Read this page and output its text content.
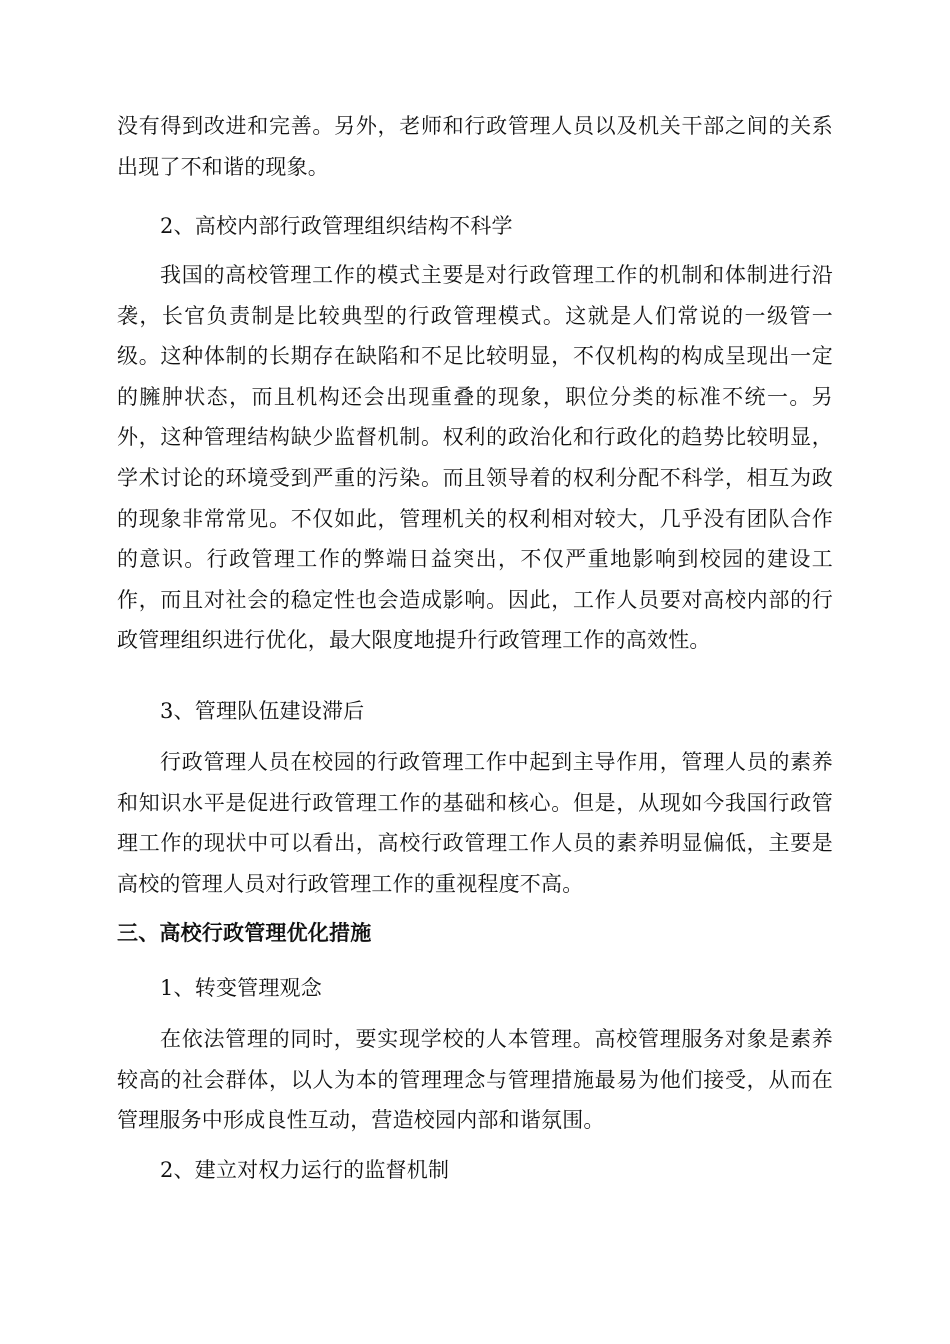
没有得到改进和完善。另外，老师和行政管理人员以及机关干部之间的关系出现了不和谐的现象。

2、高校内部行政管理组织结构不科学

我国的高校管理工作的模式主要是对行政管理工作的机制和体制进行沿袭，长官负责制是比较典型的行政管理模式。这就是人们常说的一级管一级。这种体制的长期存在缺陷和不足比较明显，不仅机构的构成呈现出一定的臃肿状态，而且机构还会出现重叠的现象，职位分类的标准不统一。另外，这种管理结构缺少监督机制。权利的政治化和行政化的趋势比较明显，学术讨论的环境受到严重的污染。而且领导着的权利分配不科学，相互为政的现象非常常见。不仅如此，管理机关的权利相对较大，几乎没有团队合作的意识。行政管理工作的弊端日益突出，不仅严重地影响到校园的建设工作，而且对社会的稳定性也会造成影响。因此，工作人员要对高校内部的行政管理组织进行优化，最大限度地提升行政管理工作的高效性。

3、管理队伍建设滞后

行政管理人员在校园的行政管理工作中起到主导作用，管理人员的素养和知识水平是促进行政管理工作的基础和核心。但是，从现如今我国行政管理工作的现状中可以看出，高校行政管理工作人员的素养明显偏低，主要是高校的管理人员对行政管理工作的重视程度不高。

三、高校行政管理优化措施

1、转变管理观念

在依法管理的同时，要实现学校的人本管理。高校管理服务对象是素养较高的社会群体，以人为本的管理理念与管理措施最易为他们接受，从而在管理服务中形成良性互动，营造校园内部和谐氛围。

2、建立对权力运行的监督机制
